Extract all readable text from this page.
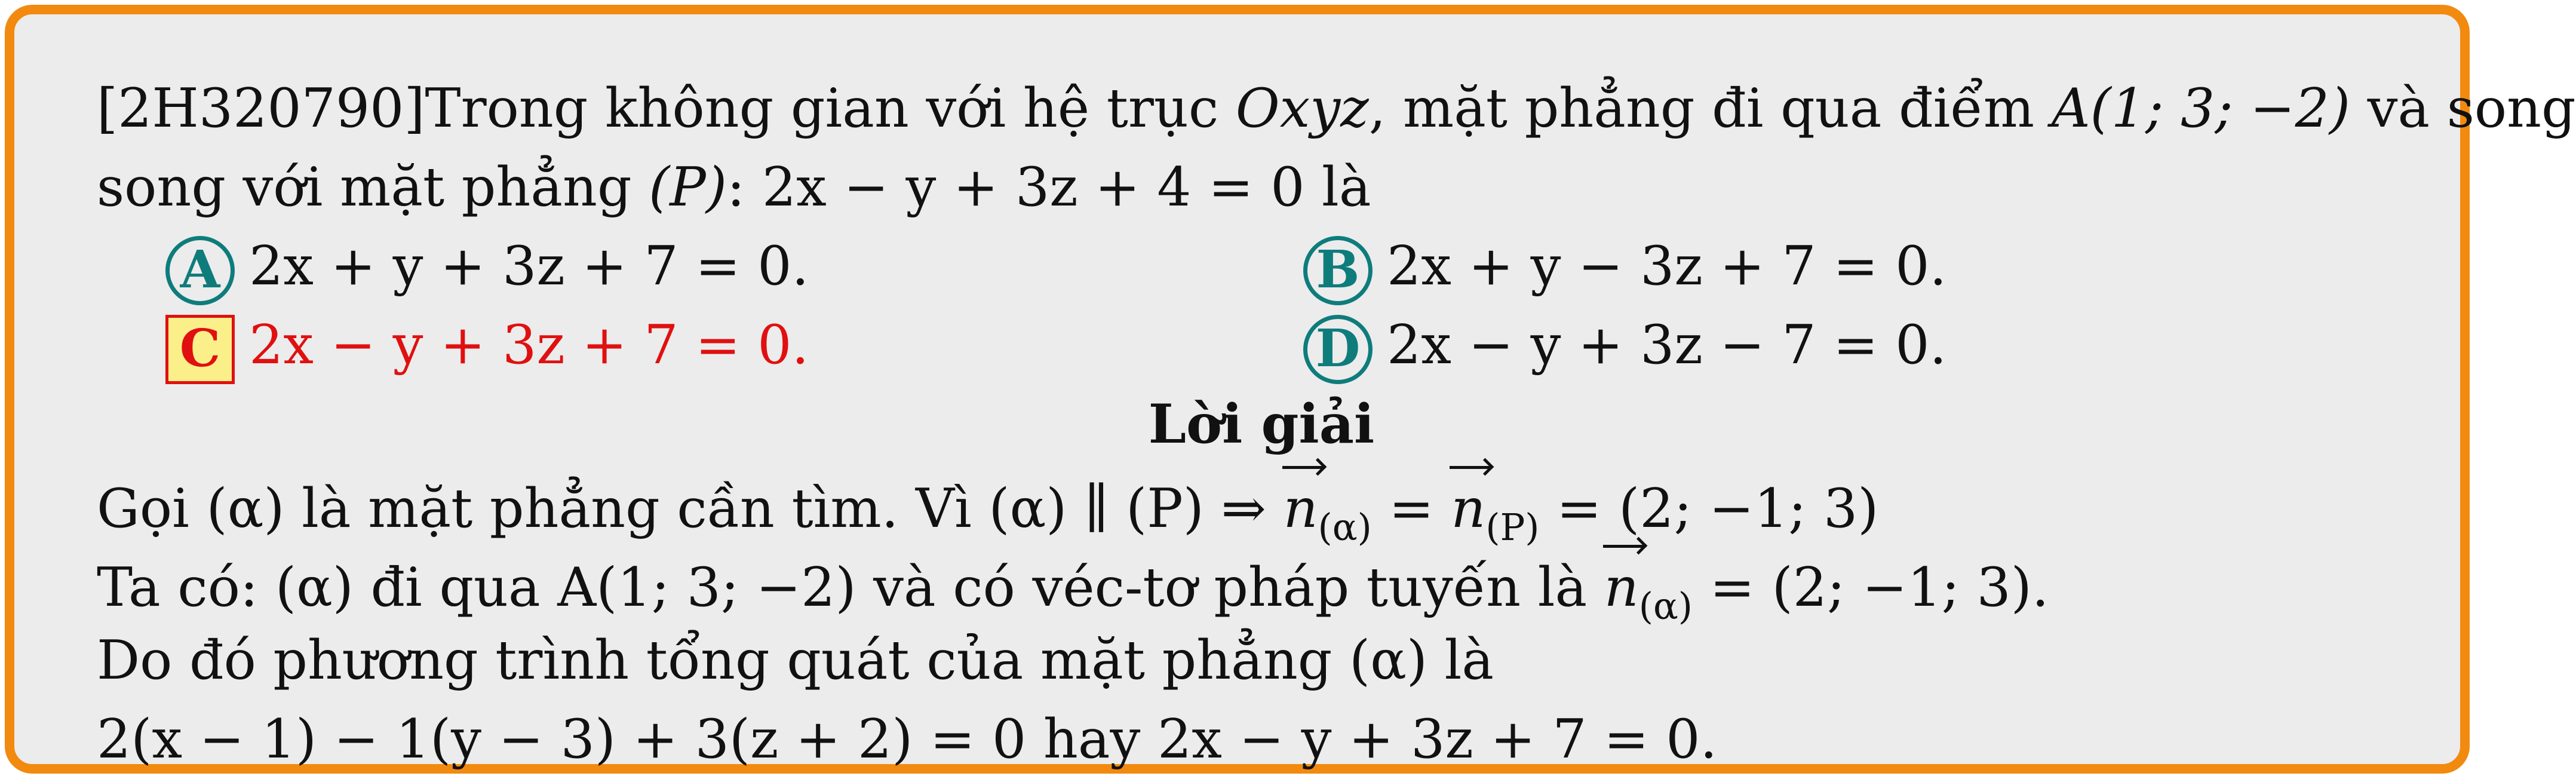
[2H320790]Trong không gian với hệ trục Oxyz, mặt phẳng đi qua điểm A(1; 3; −2) và song
song với mặt phẳng (P): 2x − y + 3z + 4 = 0 là
A 2x + y + 3z + 7 = 0.	B 2x + y − 3z + 7 = 0.
C 2x − y + 3z + 7 = 0.	D 2x − y + 3z − 7 = 0.
Lời giải
Gọi (α) là mặt phẳng cần tìm. Vì (α) ∥ (P) ⇒
$n_{(\alpha)}$ =
$n_{(P)} = (2$; −1; 3)
Ta có: (α) đi qua A(1; 3; −2) và có véc-tơ pháp tuyến là
$n_{(\alpha)} = (2$; −1; 3).
Do đó phương trình tổng quát của mặt phẳng (α) là
2(x − 1) − 1(y − 3) + 3(z + 2) = 0 hay 2x − y + 3z + 7 = 0.
